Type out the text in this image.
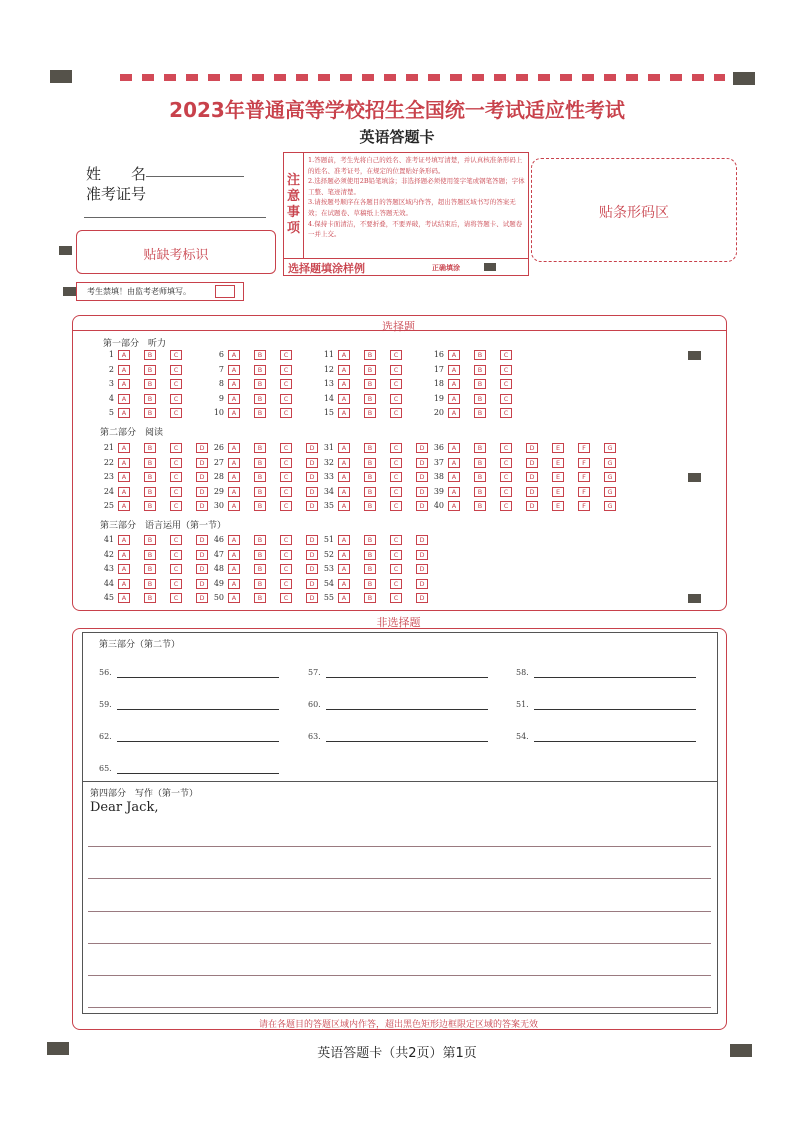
2023年普通高等学校招生全国统一考试适应性考试
英语答题卡
姓　　名
准考证号
贴缺考标识
考生禁填！由监考老师填写。
注意事项
1.答题前，考生先将自己的姓名、准考证号填写清楚，并认真核准条形码上的姓名、准考证号，在规定的位置贴好条形码。
2.选择题必须使用2B铅笔填涂；非选择题必须使用签字笔或钢笔答题；字体工整、笔迹清楚。
3.请按题号顺序在各题目的答题区域内作答，超出答题区域书写的答案无效；在试题卷、草稿纸上答题无效。
4.保持卡面清洁，不要折叠，不要弄破，考试结束后，请将答题卡、试题卷一并上交。
选择题填涂样例	正确填涂
贴条形码区
选择题
第一部分　听力
第二部分　阅读
第三部分　语言运用（第一节）
1 A	B	C
2 A	B	C
3 A	B	C
4 A	B	C
5 A	B	C
6 A	B	C
7 A	B	C
8 A	B	C
9 A	B	C
10 A	B	C
11 A	B	C
12 A	B	C
13 A	B	C
14 A	B	C
15 A	B	C
16 A	B	C
17 A	B	C
18 A	B	C
19 A	B	C
20 A	B	C
21 A	B	C	D
22 A	B	C	D
23 A	B	C	D
24 A	B	C	D
25 A	B	C	D
26 A	B	C	D
27 A	B	C	D
28 A	B	C	D
29 A	B	C	D
30 A	B	C	D
31 A	B	C	D
32 A	B	C	D
33 A	B	C	D
34 A	B	C	D
35 A	B	C	D
36 A	B	C	D	E	F	G
37 A	B	C	D	E	F	G
38 A	B	C	D	E	F	G
39 A	B	C	D	E	F	G
40 A	B	C	D	E	F	G
41 A	B	C	D
42 A	B	C	D
43 A	B	C	D
44 A	B	C	D
45 A	B	C	D
46 A	B	C	D
47 A	B	C	D
48 A	B	C	D
49 A	B	C	D
50 A	B	C	D
51 A	B	C	D
52 A	B	C	D
53 A	B	C	D
54 A	B	C	D
55 A	B	C	D
非选择题
第三部分（第二节）
56.	57.	58.
59.	60.	51.
62.	63.	54.
65.
第四部分　写作（第一节）
Dear Jack,
请在各题目的答题区域内作答，超出黑色矩形边框限定区域的答案无效
英语答题卡（共2页）第1页
